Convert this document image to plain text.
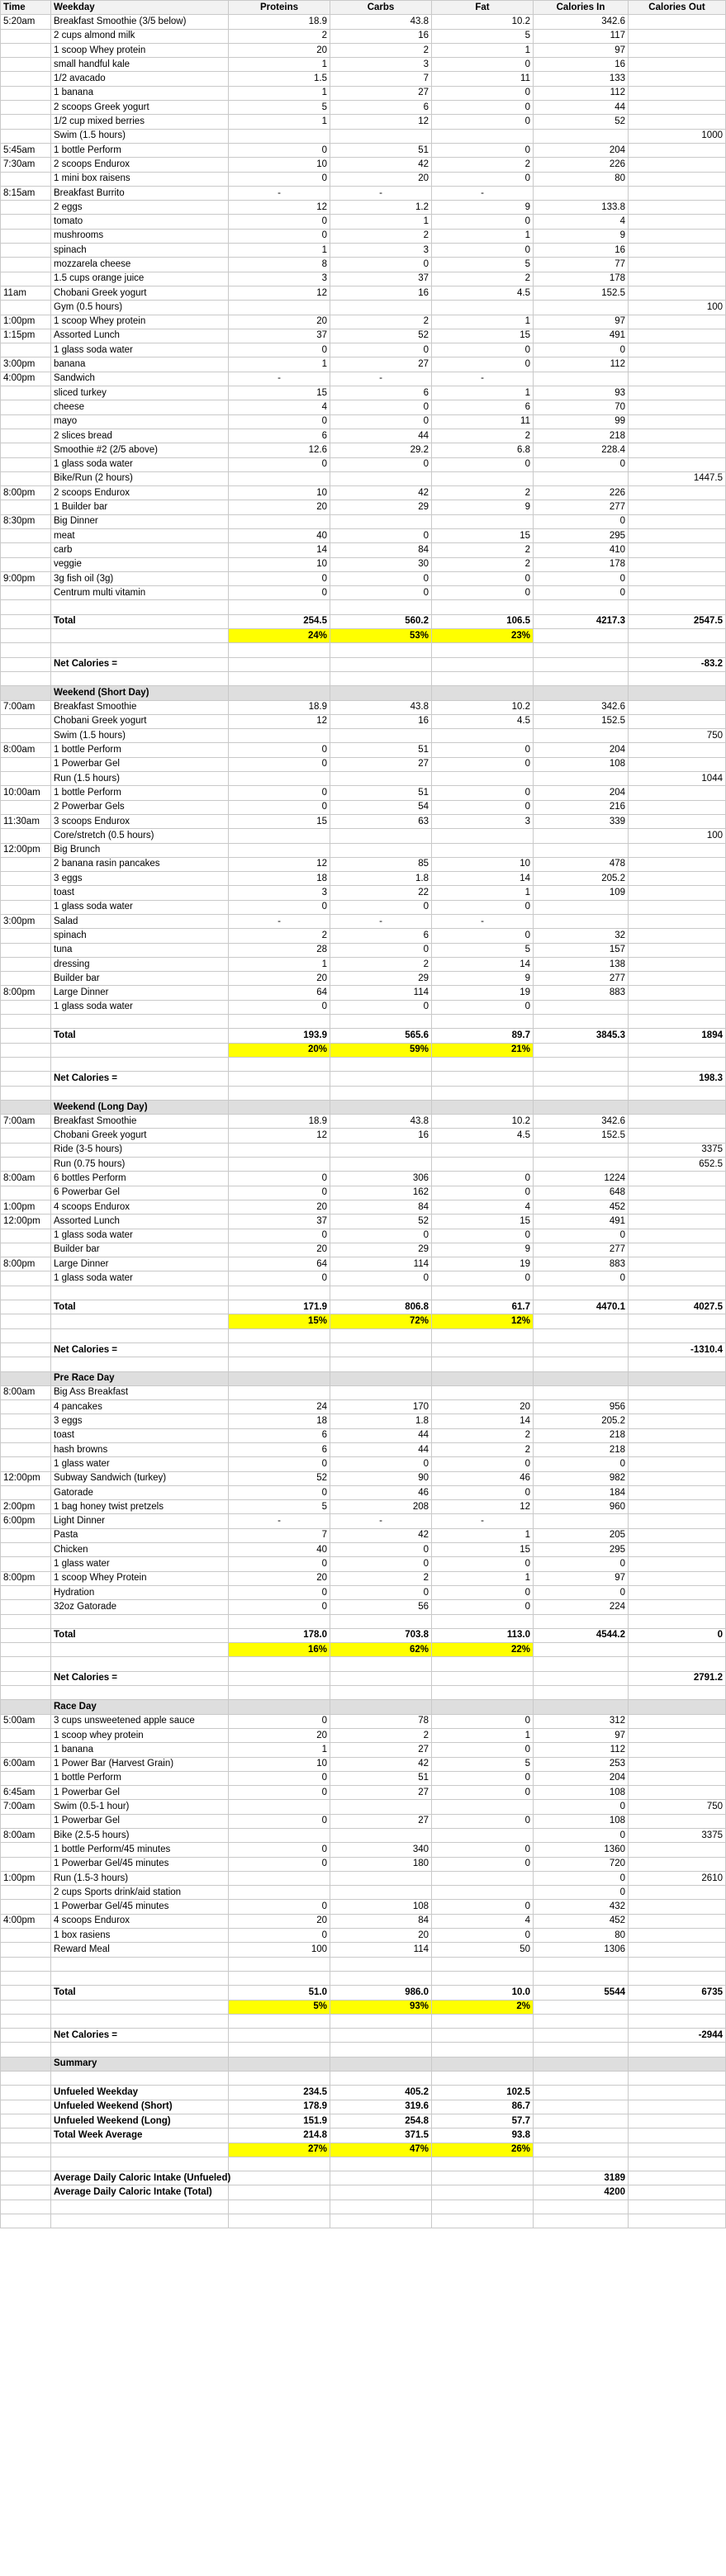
Time	Weekday	Proteins	Carbs	Fat	Calories In	Calories Out
5:20am	Breakfast Smoothie (3/5 below)	18.9	43.8	10.2	342.6	
	2 cups almond milk	2	16	5	117	
	1 scoop Whey protein	20	2	1	97	
	small handful kale	1	3	0	16	
	1/2 avacado	1.5	7	11	133	
	1 banana	1	27	0	112	
	2 scoops Greek yogurt	5	6	0	44	
	1/2 cup mixed berries	1	12	0	52	
	Swim (1.5 hours)					1000
5:45am	1 bottle Perform	0	51	0	204	
7:30am	2 scoops Endurox	10	42	2	226	
	1 mini box raisens	0	20	0	80	
8:15am	Breakfast Burrito	-	-	-		
	2 eggs	12	1.2	9	133.8	
	tomato	0	1	0	4	
	mushrooms	0	2	1	9	
	spinach	1	3	0	16	
	mozzarela cheese	8	0	5	77	
	1.5 cups orange juice	3	37	2	178	
11am	Chobani Greek yogurt	12	16	4.5	152.5	
	Gym (0.5 hours)					100
1:00pm	1 scoop Whey protein	20	2	1	97	
1:15pm	Assorted Lunch	37	52	15	491	
	1 glass soda water	0	0	0	0	
3:00pm	banana	1	27	0	112	
4:00pm	Sandwich	-	-	-		
	sliced turkey	15	6	1	93	
	cheese	4	0	6	70	
	mayo	0	0	11	99	
	2 slices bread	6	44	2	218	
	Smoothie #2 (2/5 above)	12.6	29.2	6.8	228.4	
	1 glass soda water	0	0	0	0	
	Bike/Run (2 hours)					1447.5
8:00pm	2 scoops Endurox	10	42	2	226	
	1 Builder bar	20	29	9	277	
8:30pm	Big Dinner				0	
	meat	40	0	15	295	
	carb	14	84	2	410	
	veggie	10	30	2	178	
9:00pm	3g fish oil (3g)	0	0	0	0	
	Centrum multi vitamin	0	0	0	0	

	Total	254.5	560.2	106.5	4217.3	2547.5
		24%	53%	23%		

	Net Calories =					-83.2

	Weekend (Short Day)					
7:00am	Breakfast Smoothie	18.9	43.8	10.2	342.6	
	Chobani Greek yogurt	12	16	4.5	152.5	
	Swim (1.5 hours)					750
8:00am	1 bottle Perform	0	51	0	204	
	1 Powerbar Gel	0	27	0	108	
	Run (1.5 hours)					1044
10:00am	1 bottle Perform	0	51	0	204	
	2 Powerbar Gels	0	54	0	216	
11:30am	3 scoops Endurox	15	63	3	339	
	Core/stretch (0.5 hours)					100
12:00pm	Big Brunch					
	2 banana rasin pancakes	12	85	10	478	
	3 eggs	18	1.8	14	205.2	
	toast	3	22	1	109	
	1 glass soda water	0	0	0		
3:00pm	Salad	-	-	-		
	spinach	2	6	0	32	
	tuna	28	0	5	157	
	dressing	1	2	14	138	
	Builder bar	20	29	9	277	
8:00pm	Large Dinner	64	114	19	883	
	1 glass soda water	0	0	0		

	Total	193.9	565.6	89.7	3845.3	1894
		20%	59%	21%		

	Net Calories =					198.3

	Weekend (Long Day)					
7:00am	Breakfast Smoothie	18.9	43.8	10.2	342.6	
	Chobani Greek yogurt	12	16	4.5	152.5	
	Ride (3-5 hours)					3375
	Run (0.75 hours)					652.5
8:00am	6 bottles Perform	0	306	0	1224	
	6 Powerbar Gel	0	162	0	648	
1:00pm	4 scoops Endurox	20	84	4	452	
12:00pm	Assorted Lunch	37	52	15	491	
	1 glass soda water	0	0	0	0	
	Builder bar	20	29	9	277	
8:00pm	Large Dinner	64	114	19	883	
	1 glass soda water	0	0	0	0	

	Total	171.9	806.8	61.7	4470.1	4027.5
		15%	72%	12%		

	Net Calories =					-1310.4

	Pre Race Day					
8:00am	Big Ass Breakfast					
	4 pancakes	24	170	20	956	
	3 eggs	18	1.8	14	205.2	
	toast	6	44	2	218	
	hash browns	6	44	2	218	
	1 glass water	0	0	0	0	
12:00pm	Subway Sandwich (turkey)	52	90	46	982	
	Gatorade	0	46	0	184	
2:00pm	1 bag honey twist pretzels	5	208	12	960	
6:00pm	Light Dinner	-	-	-		
	Pasta	7	42	1	205	
	Chicken	40	0	15	295	
	1 glass water	0	0	0	0	
8:00pm	1 scoop Whey Protein	20	2	1	97	
	Hydration	0	0	0	0	
	32oz Gatorade	0	56	0	224	

	Total	178.0	703.8	113.0	4544.2	0
		16%	62%	22%		

	Net Calories =					2791.2

	Race Day					
5:00am	3 cups unsweetened apple sauce	0	78	0	312	
	1 scoop whey protein	20	2	1	97	
	1 banana	1	27	0	112	
6:00am	1 Power Bar (Harvest Grain)	10	42	5	253	
	1 bottle Perform	0	51	0	204	
6:45am	1 Powerbar Gel	0	27	0	108	
7:00am	Swim (0.5-1 hour)				0	750
	1 Powerbar Gel	0	27	0	108	
8:00am	Bike (2.5-5 hours)				0	3375
	1 bottle Perform/45 minutes	0	340	0	1360	
	1 Powerbar Gel/45 minutes	0	180	0	720	
1:00pm	Run (1.5-3 hours)				0	2610
	2 cups Sports drink/aid station				0	
	1 Powerbar Gel/45 minutes	0	108	0	432	
4:00pm	4 scoops Endurox	20	84	4	452	
	1 box rasiens	0	20	0	80	
	Reward Meal	100	114	50	1306	

	Total	51.0	986.0	10.0	5544	6735
		5%	93%	2%		

	Net Calories =					-2944

	Summary					

	Unfueled Weekday	234.5	405.2	102.5		
	Unfueled Weekend (Short)	178.9	319.6	86.7		
	Unfueled Weekend (Long)	151.9	254.8	57.7		
	Total Week Average	214.8	371.5	93.8		
		27%	47%	26%		

	Average Daily Caloric Intake (Unfueled)				3189	
	Average Daily Caloric Intake (Total)				4200	
